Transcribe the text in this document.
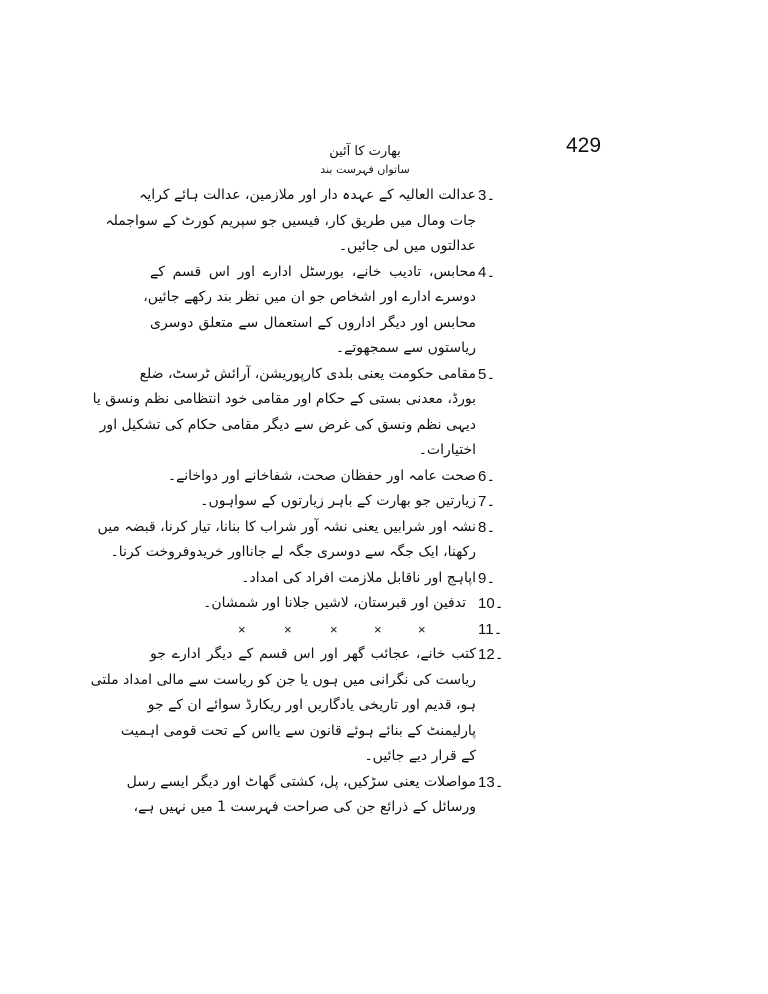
429
بھارت کا آئین
ساتواں فہرست بند
3۔
عدالت العالیہ کے عہدہ دار اور ملازمین، عدالت ہائے کرایہ
جات ومال میں طریق کار، فیسیں جو سپریم کورٹ کے سواجملہ
عدالتوں میں لی جائیں۔
4۔
محابس، تادیب خانے، بورسٹل ادارے اور اس قسم کے
دوسرے ادارے اور اشخاص جو ان میں نظر بند رکھے جائیں،
محابس اور دیگر اداروں کے استعمال سے متعلق دوسری
ریاستوں سے سمجھوتے۔
5۔
مقامی حکومت یعنی بلدی کارپوریشن، آرائش ٹرسٹ، ضلع
بورڈ، معدنی بستی کے حکام اور مقامی خود انتظامی نظم ونسق یا
دیہی نظم ونسق کی غرض سے دیگر مقامی حکام کی تشکیل اور
اختیارات۔
6۔
صحت عامہ اور حفظان صحت، شفاخانے اور دواخانے۔
7۔
زیارتیں جو بھارت کے باہر زیارتوں کے سواہوں۔
8۔
نشہ اور شرابیں یعنی نشہ آور شراب کا بنانا، تیار کرنا، قبضہ میں
رکھنا، ایک جگہ سے دوسری جگہ لے جانااور خریدوفروخت کرنا۔
9۔
اپاہج اور ناقابل ملازمت افراد کی امداد۔
10۔
تدفین اور قبرستان، لاشیں جلانا اور شمشان۔
11۔
×	×	×	×	×
12۔
کتب خانے، عجائب گھر اور اس قسم کے دیگر ادارے جو
ریاست کی نگرانی میں ہوں یا جن کو ریاست سے مالی امداد ملتی
ہو، قدیم اور تاریخی یادگاریں اور ریکارڈ سوائے ان کے جو
پارلیمنٹ کے بنائے ہوئے قانون سے یااس کے تحت قومی اہمیت
کے قرار دیے جائیں۔
13۔
مواصلات یعنی سڑکیں، پل، کشتی گھاٹ اور دیگر ایسے رسل
ورسائل کے ذرائع جن کی صراحت فہرست 1 میں نہیں ہے،
